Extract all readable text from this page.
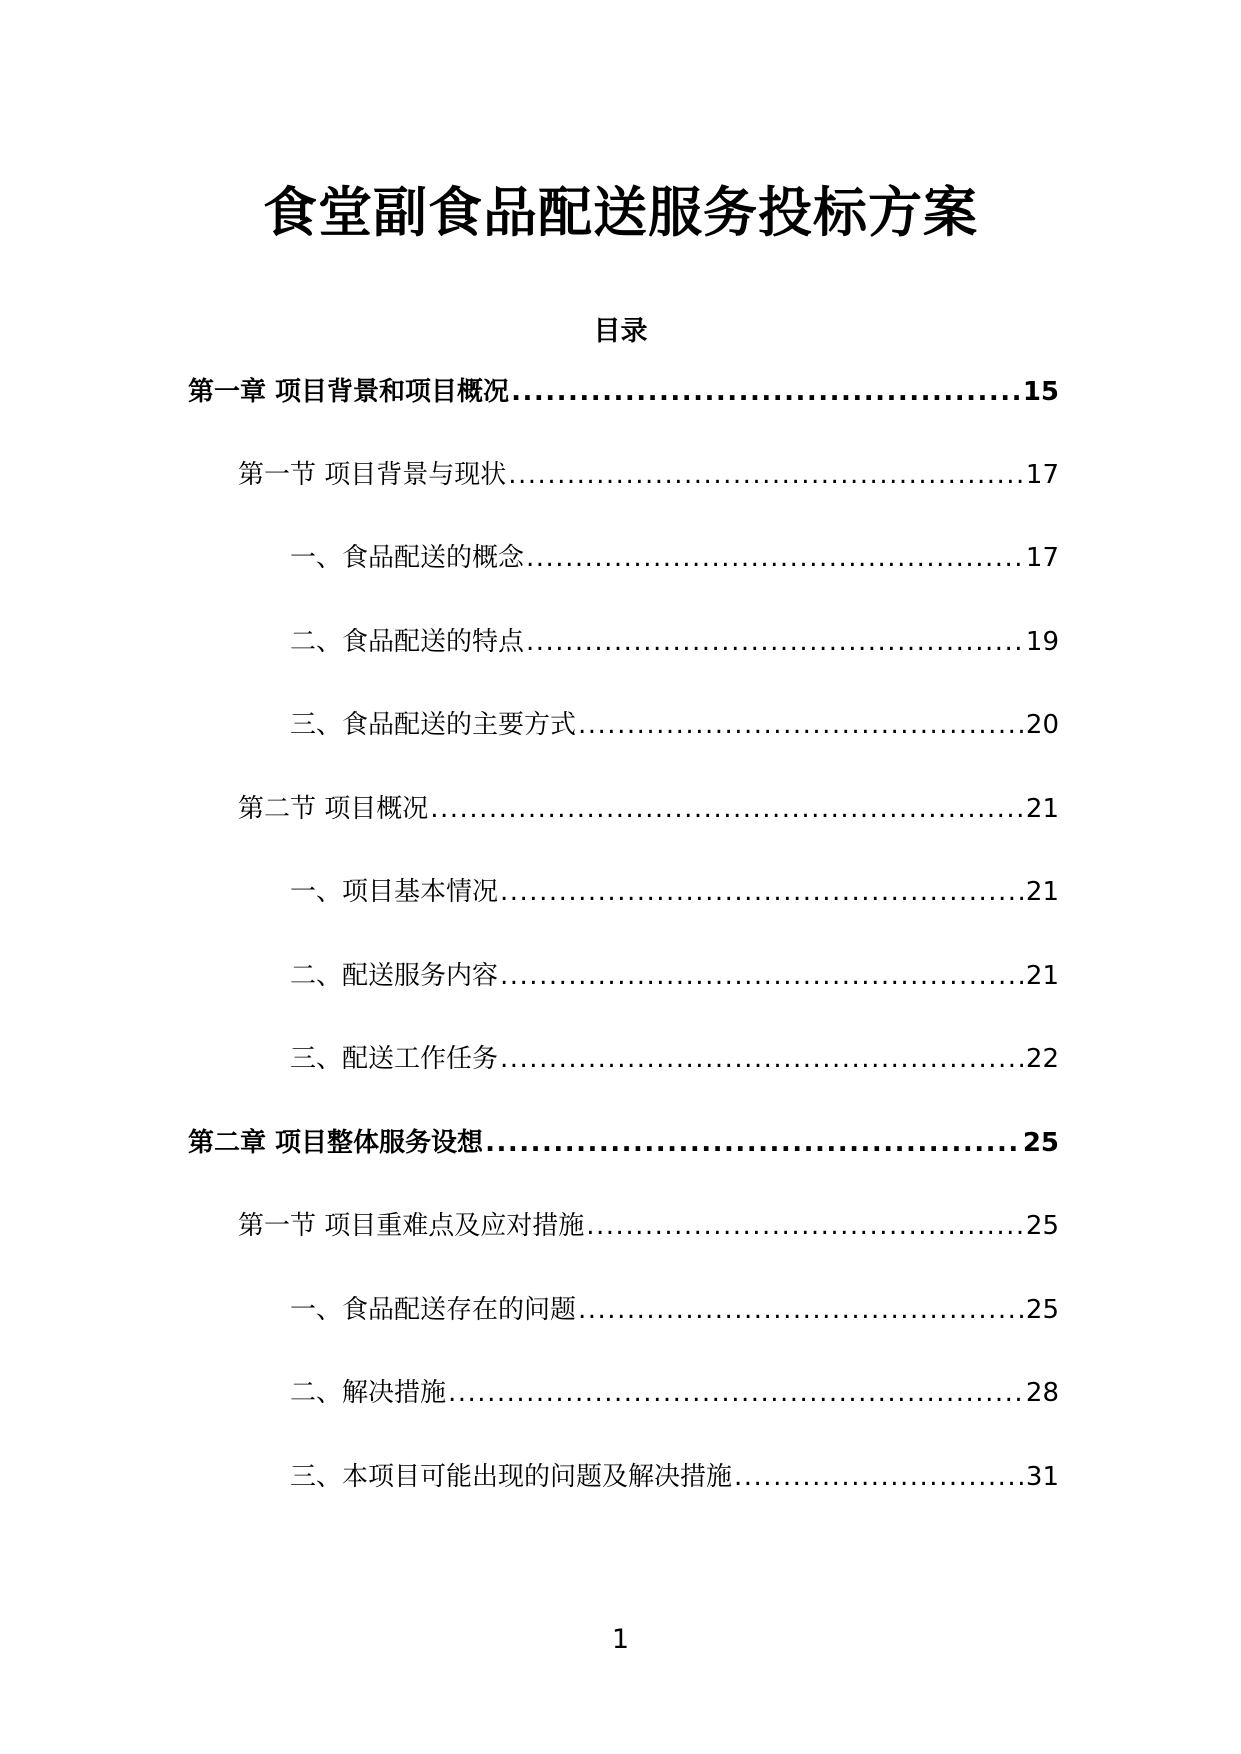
食堂副食品配送服务投标方案
目录
第一章 项目背景和项目概况 .....	15
第一节 项目背景与现状 .....	17
一、食品配送的概念 .....	17
二、食品配送的特点 .....	19
三、食品配送的主要方式 .....	20
第二节 项目概况 .....	21
一、项目基本情况 .....	21
二、配送服务内容 .....	21
三、配送工作任务 .....	22
第二章 项目整体服务设想 .....	25
第一节 项目重难点及应对措施 .....	25
一、食品配送存在的问题 .....	25
二、解决措施 .....	28
三、本项目可能出现的问题及解决措施 .....	31
1
